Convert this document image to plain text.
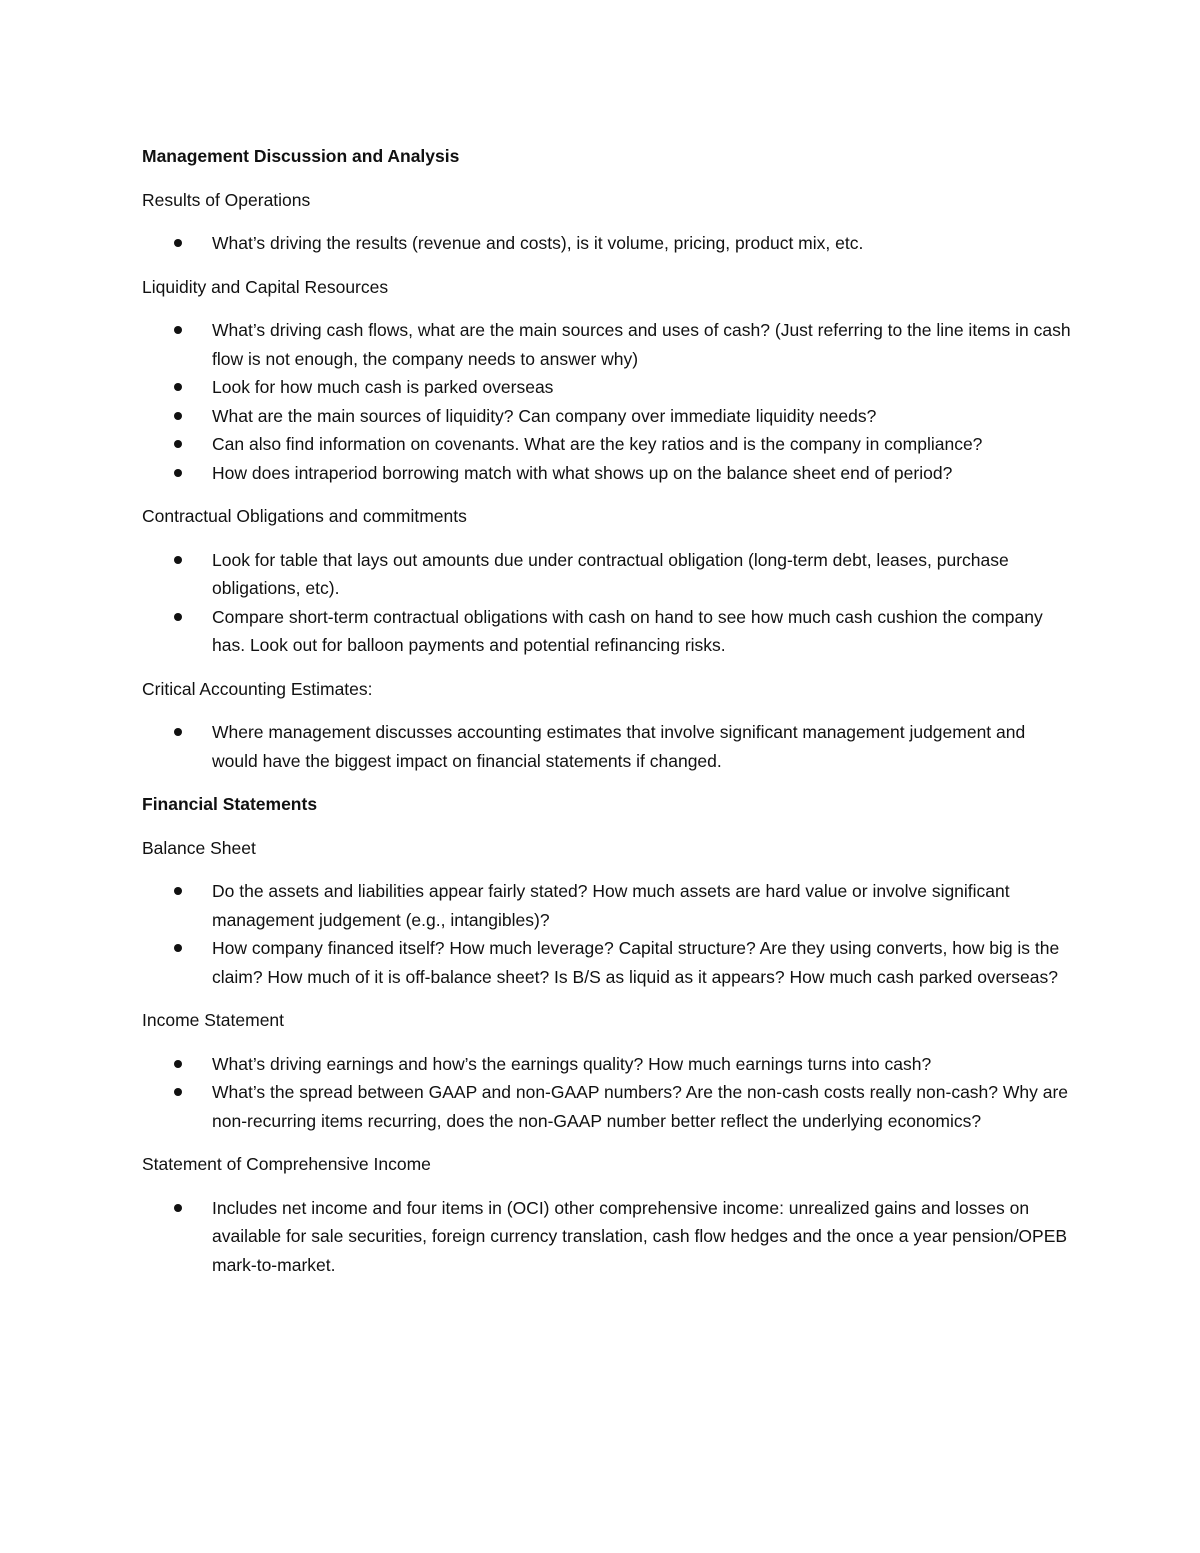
Management Discussion and Analysis

Results of Operations

What’s driving the results (revenue and costs), is it volume, pricing, product mix, etc.

Liquidity and Capital Resources

What’s driving cash flows, what are the main sources and uses of cash? (Just referring to the line items in cash flow is not enough, the company needs to answer why)
Look for how much cash is parked overseas
What are the main sources of liquidity? Can company over immediate liquidity needs?
Can also find information on covenants. What are the key ratios and is the company in compliance?
How does intraperiod borrowing match with what shows up on the balance sheet end of period?

Contractual Obligations and commitments

Look for table that lays out amounts due under contractual obligation (long-term debt, leases, purchase obligations, etc).
Compare short-term contractual obligations with cash on hand to see how much cash cushion the company has. Look out for balloon payments and potential refinancing risks.

Critical Accounting Estimates:

Where management discusses accounting estimates that involve significant management judgement and would have the biggest impact on financial statements if changed.

Financial Statements

Balance Sheet

Do the assets and liabilities appear fairly stated? How much assets are hard value or involve significant management judgement (e.g., intangibles)?
How company financed itself? How much leverage? Capital structure? Are they using converts, how big is the claim? How much of it is off-balance sheet? Is B/S as liquid as it appears? How much cash parked overseas?

Income Statement

What’s driving earnings and how’s the earnings quality? How much earnings turns into cash?
What’s the spread between GAAP and non-GAAP numbers? Are the non-cash costs really non-cash? Why are non-recurring items recurring, does the non-GAAP number better reflect the underlying economics?

Statement of Comprehensive Income

Includes net income and four items in (OCI) other comprehensive income: unrealized gains and losses on available for sale securities, foreign currency translation, cash flow hedges and the once a year pension/OPEB mark-to-market.
